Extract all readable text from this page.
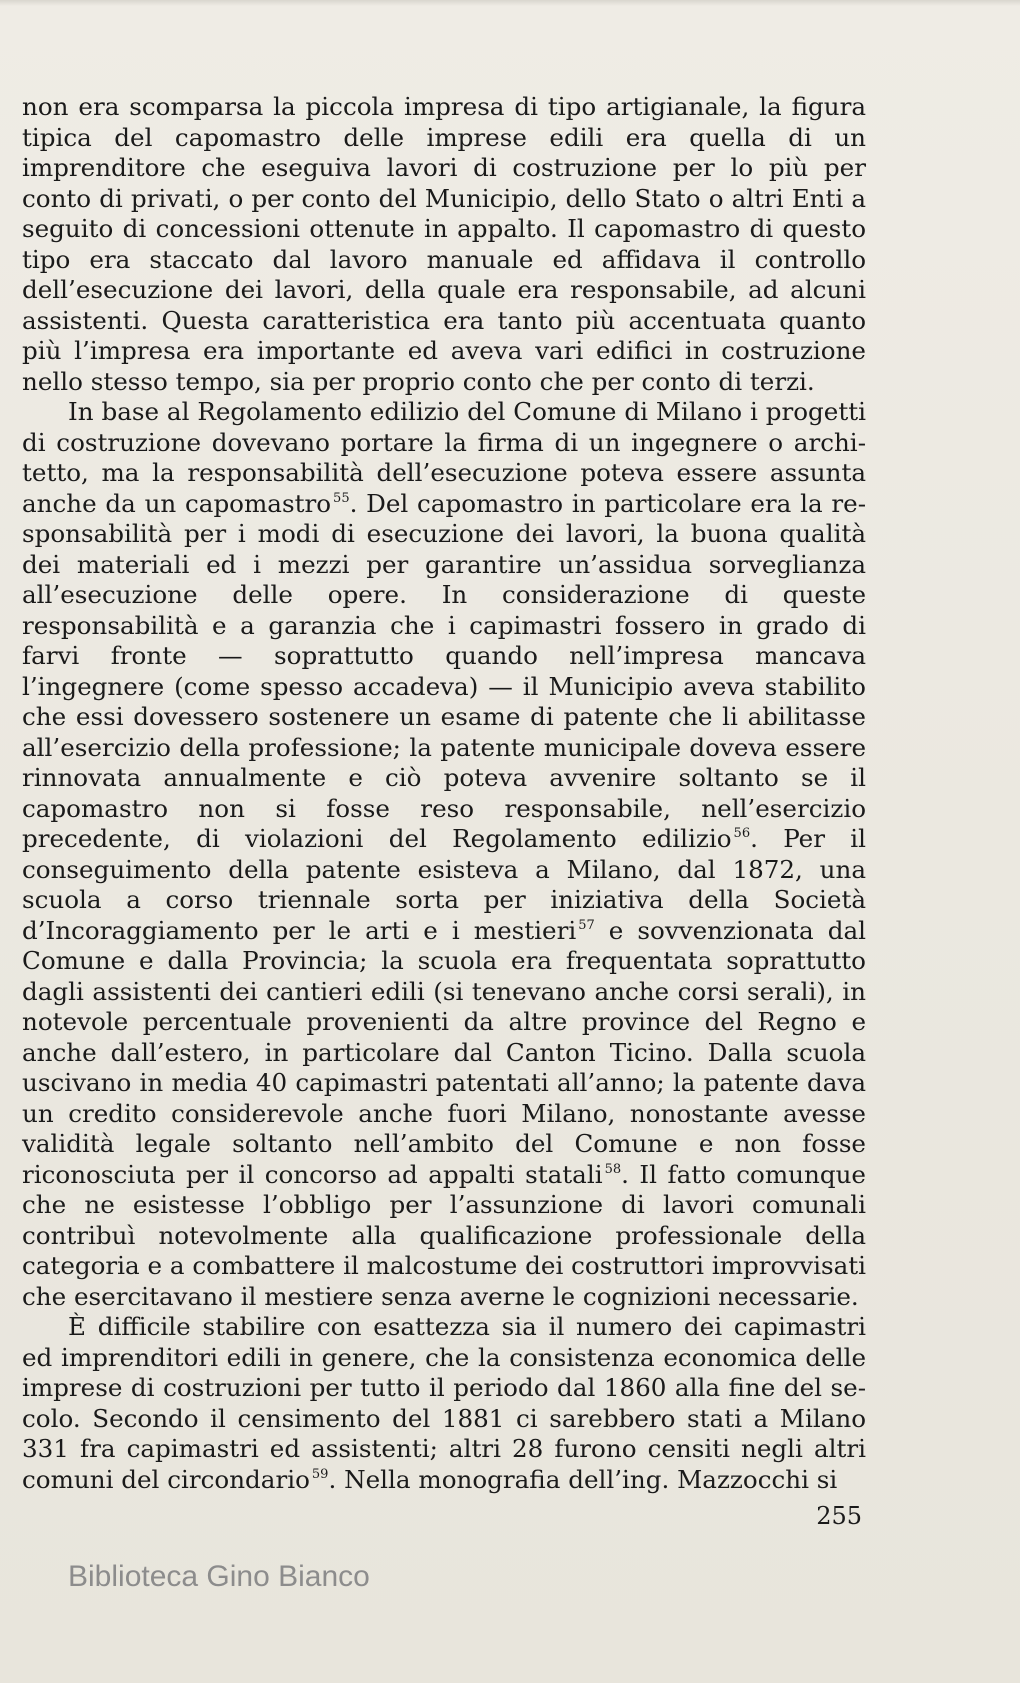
non era scomparsa la piccola impresa di tipo artigianale, la figura tipica del capomastro delle imprese edili era quella di un imprenditore che eseguiva lavori di costruzione per lo più per conto di privati, o per conto del Municipio, dello Stato o altri Enti a seguito di concessioni ottenute in appalto. Il capomastro di questo tipo era staccato dal lavoro manuale ed affidava il controllo dell’esecuzione dei lavori, della quale era responsabile, ad alcuni assistenti. Questa caratteristica era tanto più accentuata quanto più l’impresa era importante ed aveva vari edifici in costruzione nello stesso tempo, sia per proprio conto che per conto di terzi.

In base al Regolamento edilizio del Comune di Milano i progetti di costruzione dovevano portare la firma di un ingegnere o architetto, ma la responsabilità dell’esecuzione poteva essere assunta anche da un capomastro $^{55}$. Del capomastro in particolare era la responsabilità per i modi di esecuzione dei lavori, la buona qualità dei materiali ed i mezzi per garantire un’assidua sorveglianza all’esecuzione delle opere. In considerazione di queste responsabilità e a garanzia che i capimastri fossero in grado di farvi fronte — soprattutto quando nell’impresa mancava l’ingegnere (come spesso accadeva) — il Municipio aveva stabilito che essi dovessero sostenere un esame di patente che li abilitasse all’esercizio della professione; la patente municipale doveva essere rinnovata annualmente e ciò poteva avvenire soltanto se il capomastro non si fosse reso responsabile, nell’esercizio precedente, di violazioni del Regolamento edilizio $^{56}$. Per il conseguimento della patente esisteva a Milano, dal 1872, una scuola a corso triennale sorta per iniziativa della Società d’Incoraggiamento per le arti e i mestieri $^{57}$ e sovvenzionata dal Comune e dalla Provincia; la scuola era frequentata soprattutto dagli assistenti dei cantieri edili (si tenevano anche corsi serali), in notevole percentuale provenienti da altre province del Regno e anche dall’estero, in particolare dal Canton Ticino. Dalla scuola uscivano in media 40 capimastri patentati all’anno; la patente dava un credito considerevole anche fuori Milano, nonostante avesse validità legale soltanto nell’ambito del Comune e non fosse riconosciuta per il concorso ad appalti statali $^{58}$. Il fatto comunque che ne esistesse l’obbligo per l’assunzione di lavori comunali contribuì notevolmente alla qualificazione professionale della categoria e a combattere il malcostume dei costruttori improvvisati che esercitavano il mestiere senza averne le cognizioni necessarie.

È difficile stabilire con esattezza sia il numero dei capimastri ed imprenditori edili in genere, che la consistenza economica delle imprese di costruzioni per tutto il periodo dal 1860 alla fine del secolo. Secondo il censimento del 1881 ci sarebbero stati a Milano 331 fra capimastri ed assistenti; altri 28 furono censiti negli altri comuni del circondario $^{59}$. Nella monografia dell’ing. Mazzocchi si

255
Biblioteca Gino Bianco
